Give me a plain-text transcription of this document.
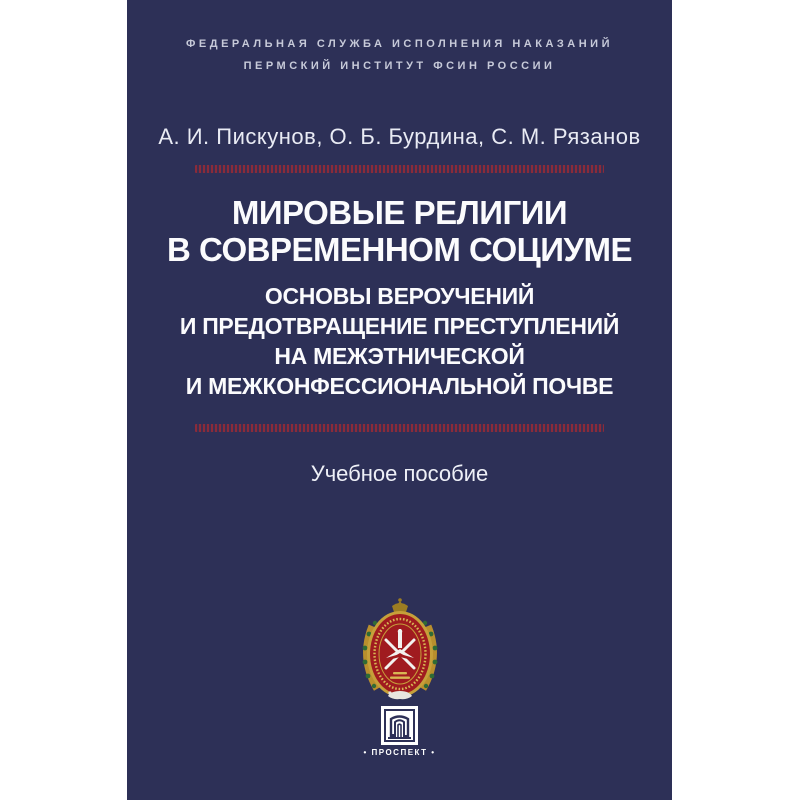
ФЕДЕРАЛЬНАЯ СЛУЖБА ИСПОЛНЕНИЯ НАКАЗАНИЙ
ПЕРМСКИЙ ИНСТИТУТ ФСИН РОССИИ
А. И. Пискунов, О. Б. Бурдина, С. М. Рязанов
МИРОВЫЕ РЕЛИГИИ
В СОВРЕМЕННОМ СОЦИУМЕ
ОСНОВЫ ВЕРОУЧЕНИЙ
И ПРЕДОТВРАЩЕНИЕ ПРЕСТУПЛЕНИЙ
НА МЕЖЭТНИЧЕСКОЙ
И МЕЖКОНФЕССИОНАЛЬНОЙ ПОЧВЕ
Учебное пособие
• ПРОСПЕКТ •
